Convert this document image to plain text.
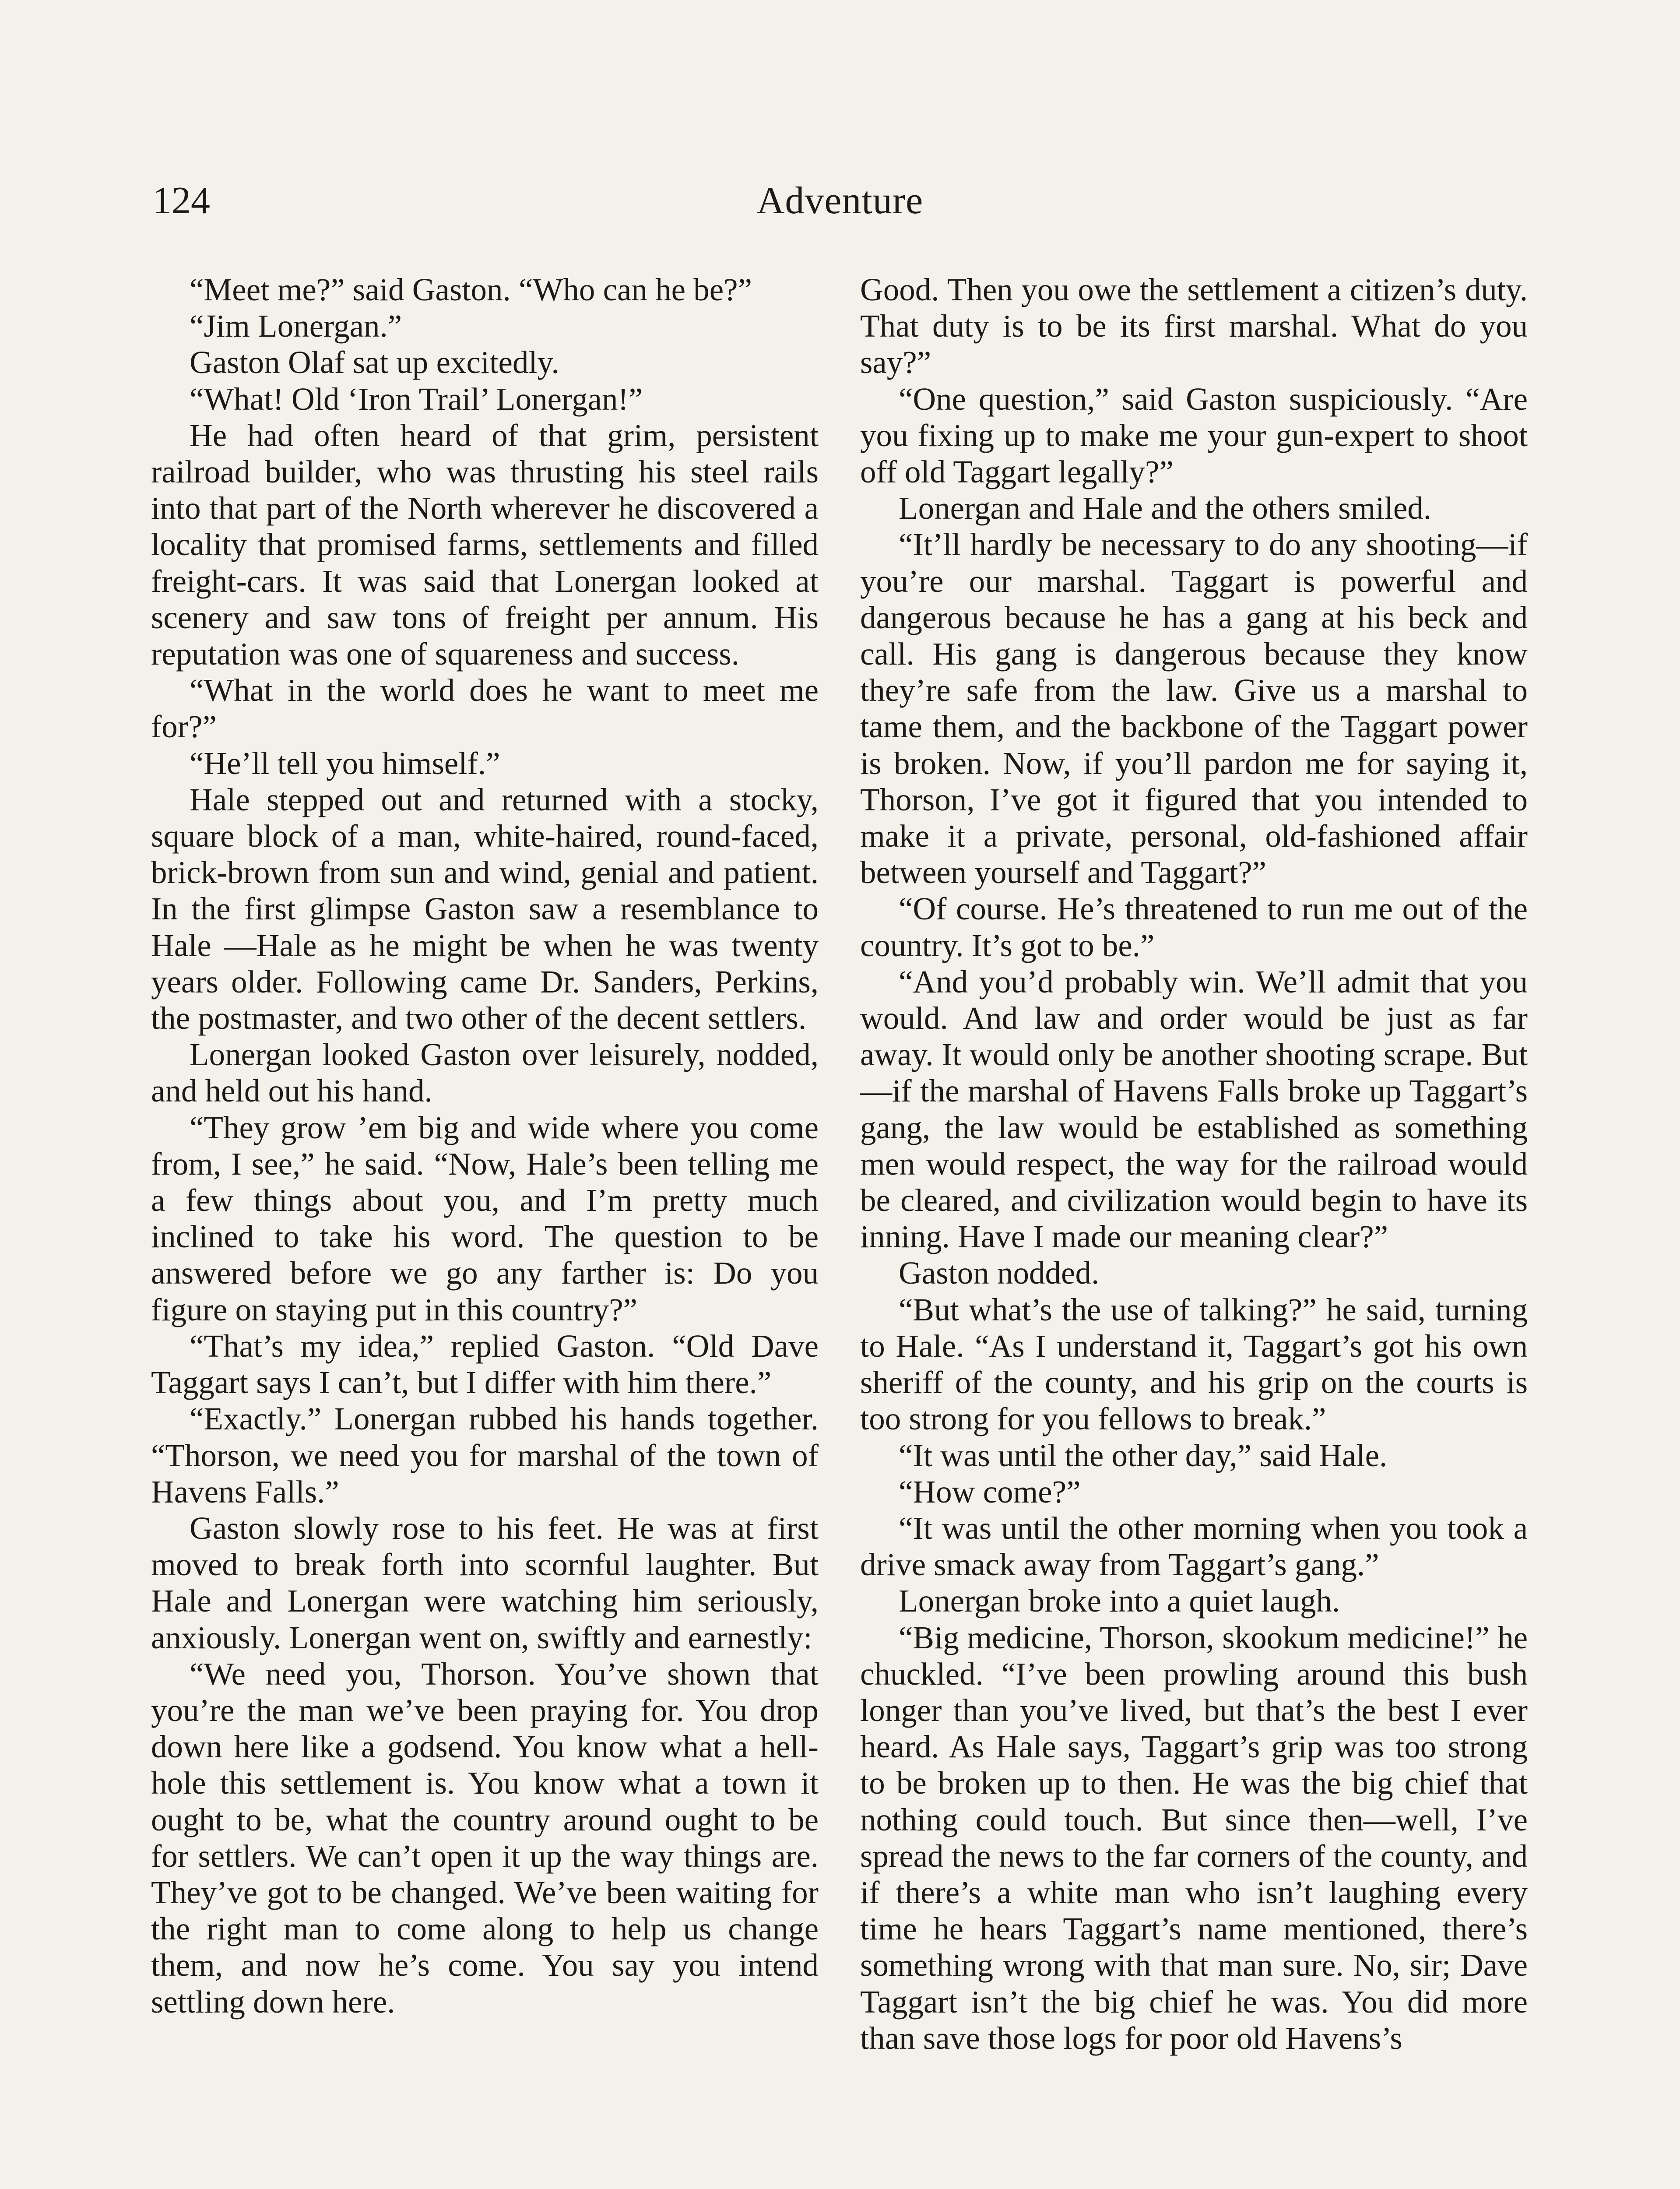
124	Adventure

“Meet me?” said Gaston. “Who can he be?”

“Jim Lonergan.”

Gaston Olaf sat up excitedly.

“What! Old ‘Iron Trail’ Lonergan!”

He had often heard of that grim, persistent railroad builder, who was thrusting his steel rails into that part of the North wherever he discovered a locality that promised farms, settlements and filled freight-cars. It was said that Lonergan looked at scenery and saw tons of freight per annum. His reputation was one of squareness and success.

“What in the world does he want to meet me for?”

“He’ll tell you himself.”

Hale stepped out and returned with a stocky, square block of a man, white-haired, round-faced, brick-brown from sun and wind, genial and patient. In the first glimpse Gaston saw a resemblance to Hale —Hale as he might be when he was twenty years older. Following came Dr. Sanders, Perkins, the postmaster, and two other of the decent settlers.

Lonergan looked Gaston over leisurely, nodded, and held out his hand.

“They grow ’em big and wide where you come from, I see,” he said. “Now, Hale’s been telling me a few things about you, and I’m pretty much inclined to take his word. The question to be answered before we go any farther is: Do you figure on staying put in this country?”

“That’s my idea,” replied Gaston. “Old Dave Taggart says I can’t, but I differ with him there.”

“Exactly.” Lonergan rubbed his hands together. “Thorson, we need you for marshal of the town of Havens Falls.”

Gaston slowly rose to his feet. He was at first moved to break forth into scornful laughter. But Hale and Lonergan were watching him seriously, anxiously. Lonergan went on, swiftly and earnestly:

“We need you, Thorson. You’ve shown that you’re the man we’ve been praying for. You drop down here like a godsend. You know what a hell-hole this settlement is. You know what a town it ought to be, what the country around ought to be for settlers. We can’t open it up the way things are. They’ve got to be changed. We’ve been waiting for the right man to come along to help us change them, and now he’s come. You say you intend settling down here.

Good. Then you owe the settlement a citizen’s duty. That duty is to be its first marshal. What do you say?”

“One question,” said Gaston suspiciously. “Are you fixing up to make me your gun-expert to shoot off old Taggart legally?”

Lonergan and Hale and the others smiled.

“It’ll hardly be necessary to do any shooting—if you’re our marshal. Taggart is powerful and dangerous because he has a gang at his beck and call. His gang is dangerous because they know they’re safe from the law. Give us a marshal to tame them, and the backbone of the Taggart power is broken. Now, if you’ll pardon me for saying it, Thorson, I’ve got it figured that you intended to make it a private, personal, old-fashioned affair between yourself and Taggart?”

“Of course. He’s threatened to run me out of the country. It’s got to be.”

“And you’d probably win. We’ll admit that you would. And law and order would be just as far away. It would only be another shooting scrape. But—if the marshal of Havens Falls broke up Taggart’s gang, the law would be established as something men would respect, the way for the railroad would be cleared, and civilization would begin to have its inning. Have I made our meaning clear?”

Gaston nodded.

“But what’s the use of talking?” he said, turning to Hale. “As I understand it, Taggart’s got his own sheriff of the county, and his grip on the courts is too strong for you fellows to break.”

“It was until the other day,” said Hale.

“How come?”

“It was until the other morning when you took a drive smack away from Taggart’s gang.”

Lonergan broke into a quiet laugh.

“Big medicine, Thorson, skookum medicine!” he chuckled. “I’ve been prowling around this bush longer than you’ve lived, but that’s the best I ever heard. As Hale says, Taggart’s grip was too strong to be broken up to then. He was the big chief that nothing could touch. But since then—well, I’ve spread the news to the far corners of the county, and if there’s a white man who isn’t laughing every time he hears Taggart’s name mentioned, there’s something wrong with that man sure. No, sir; Dave Taggart isn’t the big chief he was. You did more than save those logs for poor old Havens’s
